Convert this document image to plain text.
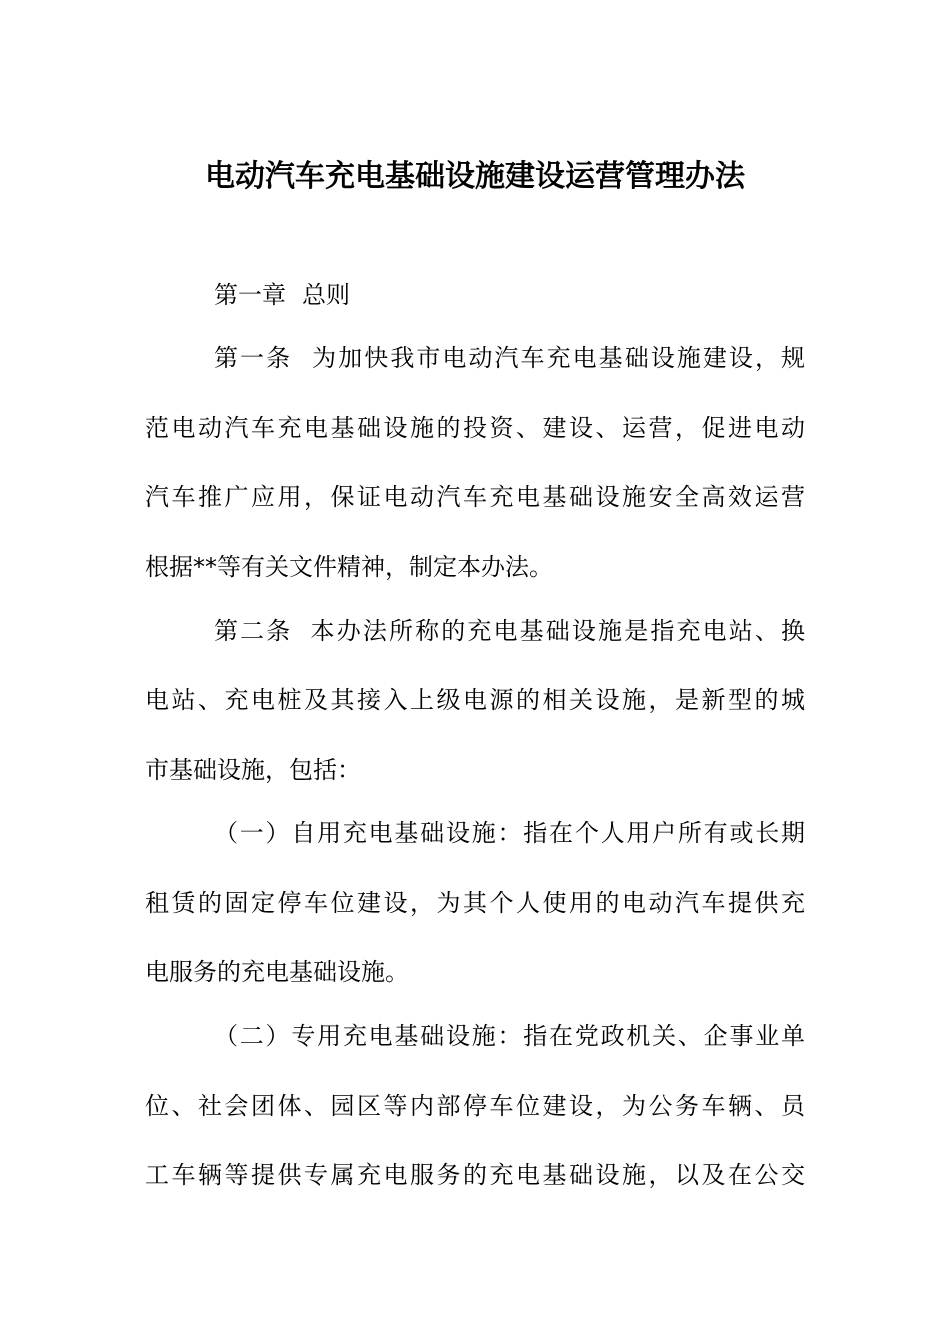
电动汽车充电基础设施建设运营管理办法
第一章 总则
第一条 为加快我市电动汽车充电基础设施建设，规
范电动汽车充电基础设施的投资、建设、运营，促进电动
汽车推广应用，保证电动汽车充电基础设施安全高效运营
根据**等有关文件精神，制定本办法。
第二条 本办法所称的充电基础设施是指充电站、换
电站、充电桩及其接入上级电源的相关设施，是新型的城
市基础设施，包括：
（一）自用充电基础设施：指在个人用户所有或长期
租赁的固定停车位建设，为其个人使用的电动汽车提供充
电服务的充电基础设施。
（二）专用充电基础设施：指在党政机关、企事业单
位、社会团体、园区等内部停车位建设，为公务车辆、员
工车辆等提供专属充电服务的充电基础设施，以及在公交
